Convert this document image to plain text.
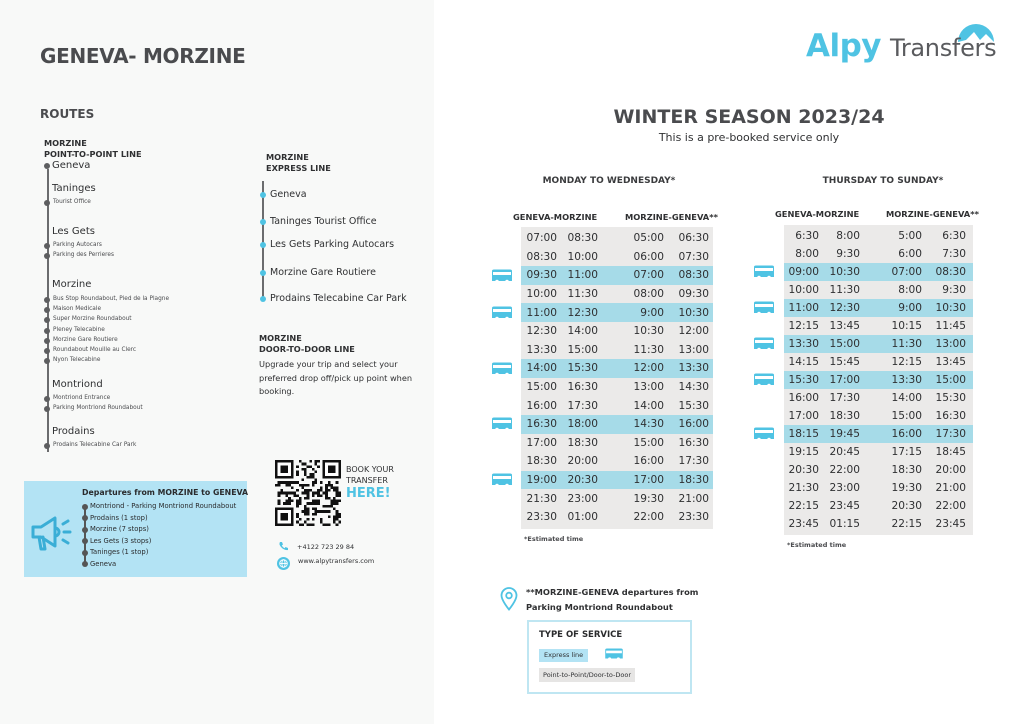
GENEVA- MORZINE
ROUTES
MORZINE
POINT-TO-POINT LINE
Geneva
Taninges
Tourist Office
Les Gets
Parking Autocars
Parking des Perrieres
Morzine
Bus Stop Roundabout, Pied de la Plagne
Maison Medicale
Super Morzine Roundabout
Pleney Telecabine
Morzine Gare Routiere
Roundabout Mouille au Clerc
Nyon Telecabine
Montriond
Montriond Entrance
Parking Montriond Roundabout
Prodains
Prodains Telecabine Car Park
MORZINE
EXPRESS LINE
Geneva
Taninges Tourist Office
Les Gets Parking Autocars
Morzine Gare Routiere
Prodains Telecabine Car Park
MORZINE
DOOR-TO-DOOR LINE

Upgrade your trip and select your preferred drop off/pick up point when booking.

Departures from MORZINE to GENEVA
Montriond - Parking Montriond Roundabout
Prodains (1 stop)
Morzine (7 stops)
Les Gets (3 stops)
Taninges (1 stop)
Geneva
BOOK YOUR
TRANSFER
HERE!
+4122 723 29 84
www.alpytransfers.com
Alpy Transfers
WINTER SEASON 2023/24
This is a pre-booked service only
MONDAY TO WEDNESDAY*
GENEVA-MORZINE	MORZINE-GENEVA**
07:00 08:30	05:00 06:30
08:30 10:00	06:00 07:30
09:30 11:00	07:00 08:30
10:00 11:30	08:00 09:30
11:00 12:30	9:00 10:30
12:30 14:00	10:30 12:00
13:30 15:00	11:30 13:00
14:00 15:30	12:00 13:30
15:00 16:30	13:00 14:30
16:00 17:30	14:00 15:30
16:30 18:00	14:30 16:00
17:00 18:30	15:00 16:30
18:30 20:00	16:00 17:30
19:00 20:30	17:00 18:30
21:30 23:00	19:30 21:00
23:30 01:00	22:00 23:30
*Estimated time
THURSDAY TO SUNDAY*
GENEVA-MORZINE	MORZINE-GENEVA**
6:30 8:00	5:00 6:30
8:00 9:30	6:00 7:30
09:00 10:30	07:00 08:30
10:00 11:30	8:00 9:30
11:00 12:30	9:00 10:30
12:15 13:45	10:15 11:45
13:30 15:00	11:30 13:00
14:15 15:45	12:15 13:45
15:30 17:00	13:30 15:00
16:00 17:30	14:00 15:30
17:00 18:30	15:00 16:30
18:15 19:45	16:00 17:30
19:15 20:45	17:15 18:45
20:30 22:00	18:30 20:00
21:30 23:00	19:30 21:00
22:15 23:45	20:30 22:00
23:45 01:15	22:15 23:45
*Estimated time
**MORZINE-GENEVA departures from
Parking Montriond Roundabout
TYPE OF SERVICE
Express line
Point-to-Point/Door-to-Door
